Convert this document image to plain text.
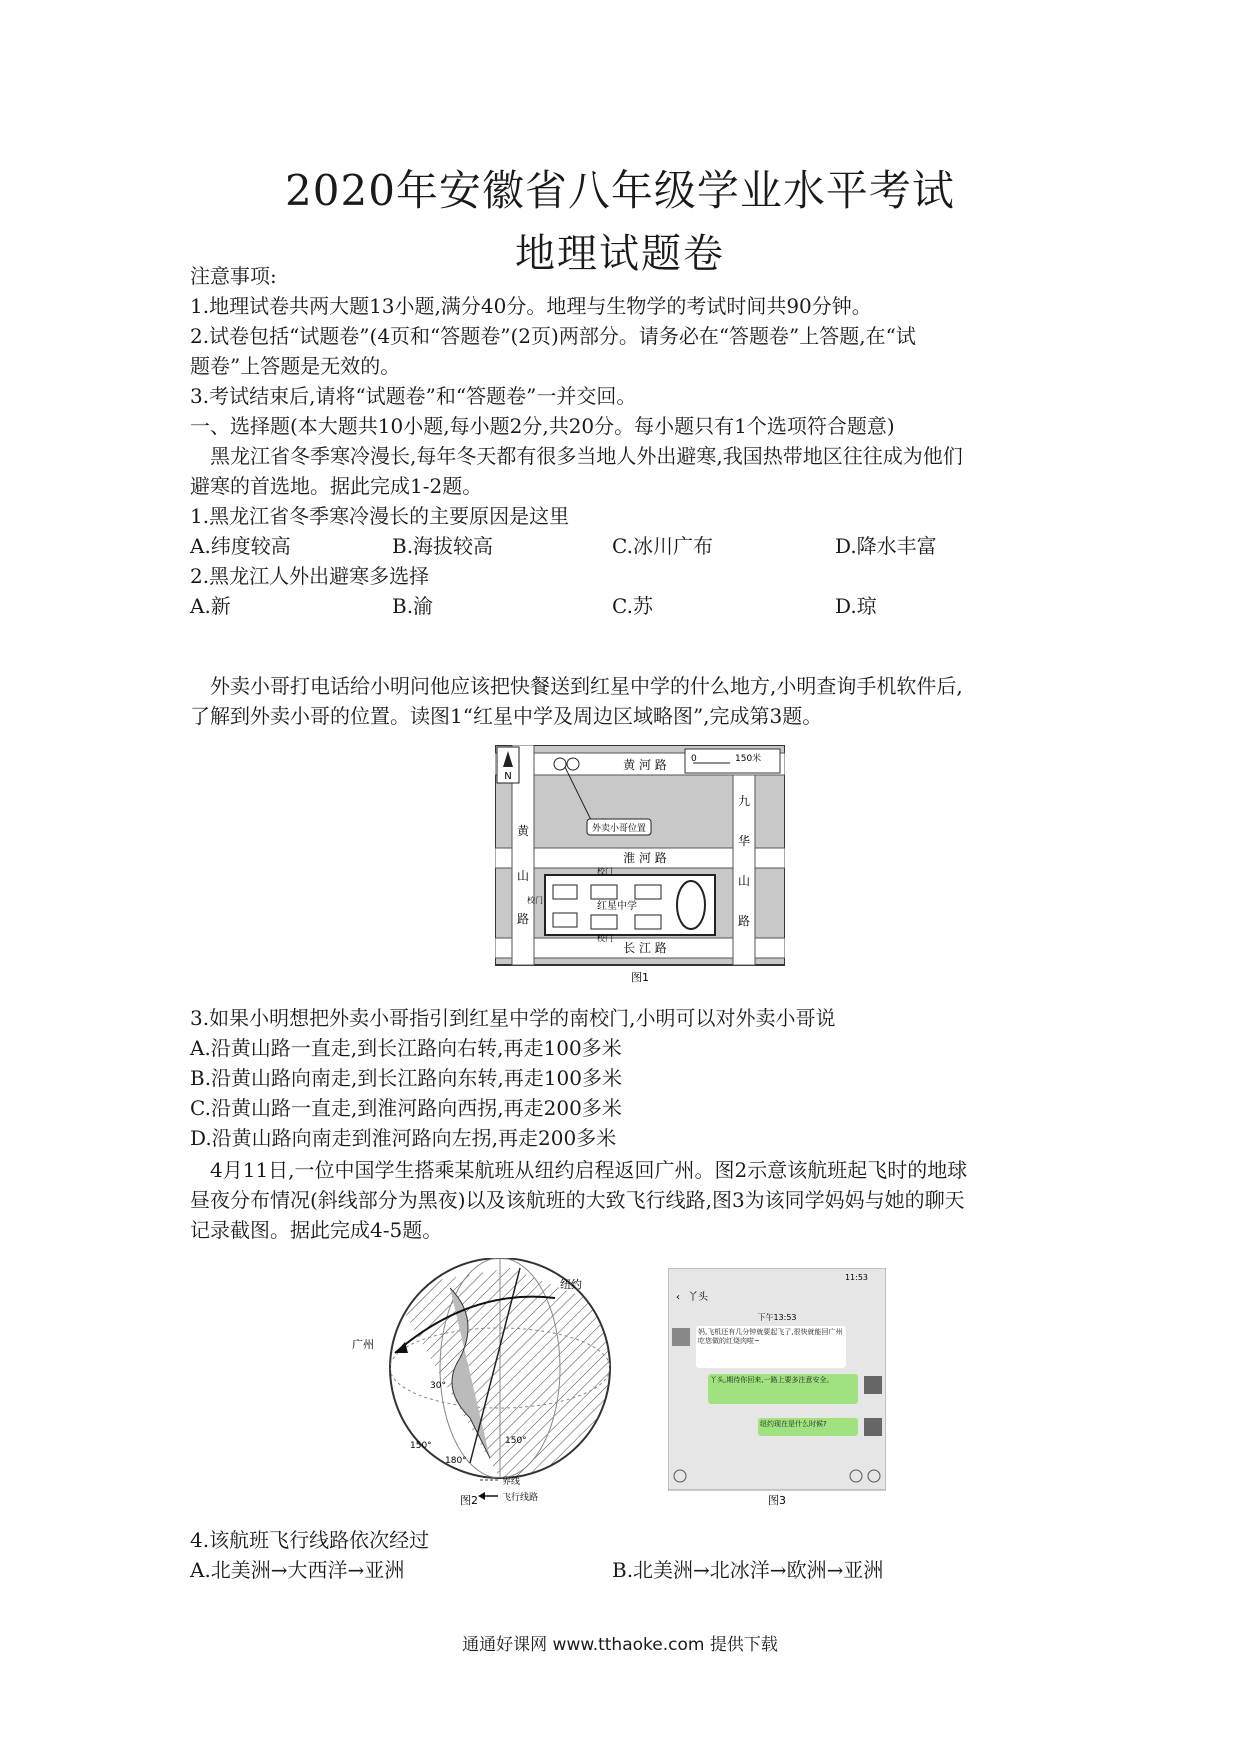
2020年安徽省八年级学业水平考试
地理试题卷
注意事项:
1.地理试卷共两大题13小题,满分40分。地理与生物学的考试时间共90分钟。
2.试卷包括“试题卷”(4页和“答题卷”(2页)两部分。请务必在“答题卷”上答题,在“试
题卷”上答题是无效的。
3.考试结束后,请将“试题卷”和“答题卷”一并交回。
一、选择题(本大题共10小题,每小题2分,共20分。每小题只有1个选项符合题意)
黑龙江省冬季寒冷漫长,每年冬天都有很多当地人外出避寒,我国热带地区往往成为他们
避寒的首选地。据此完成1-2题。
1.黑龙江省冬季寒冷漫长的主要原因是这里
A.纬度较高	B.海拔较高	C.冰川广布	D.降水丰富
2.黑龙江人外出避寒多选择
A.新	B.渝	C.苏	D.琼
外卖小哥打电话给小明问他应该把快餐送到红星中学的什么地方,小明查询手机软件后,
了解到外卖小哥的位置。读图1“红星中学及周边区域略图”,完成第3题。
N
0	150米
外卖小哥位置
红星中学
校门
校门
校门
黄 河 路
淮 河 路
长 江 路
黄
山
路
九
华
山
路
图1
3.如果小明想把外卖小哥指引到红星中学的南校门,小明可以对外卖小哥说
A.沿黄山路一直走,到长江路向右转,再走100多米
B.沿黄山路向南走,到长江路向东转,再走100多米
C.沿黄山路一直走,到淮河路向西拐,再走200多米
D.沿黄山路向南走到淮河路向左拐,再走200多米
4月11日,一位中国学生搭乘某航班从纽约启程返回广州。图2示意该航班起飞时的地球
昼夜分布情况(斜线部分为黑夜)以及该航班的大致飞行线路,图3为该同学妈妈与她的聊天
记录截图。据此完成4-5题。
纽约
广州
30°
150°	150°
180°
界线
飞行线路
图2
11:53
‹ 丫头
下午13:53
妈,飞机还有几分钟就要起飞了,很快就能回广州吃您做的红烧肉啦~
丫头,期待你回来,一路上要多注意安全。
纽约现在是什么时候?
图3
4.该航班飞行线路依次经过
A.北美洲→大西洋→亚洲	B.北美洲→北冰洋→欧洲→亚洲
通通好课网 www.tthaoke.com 提供下载
